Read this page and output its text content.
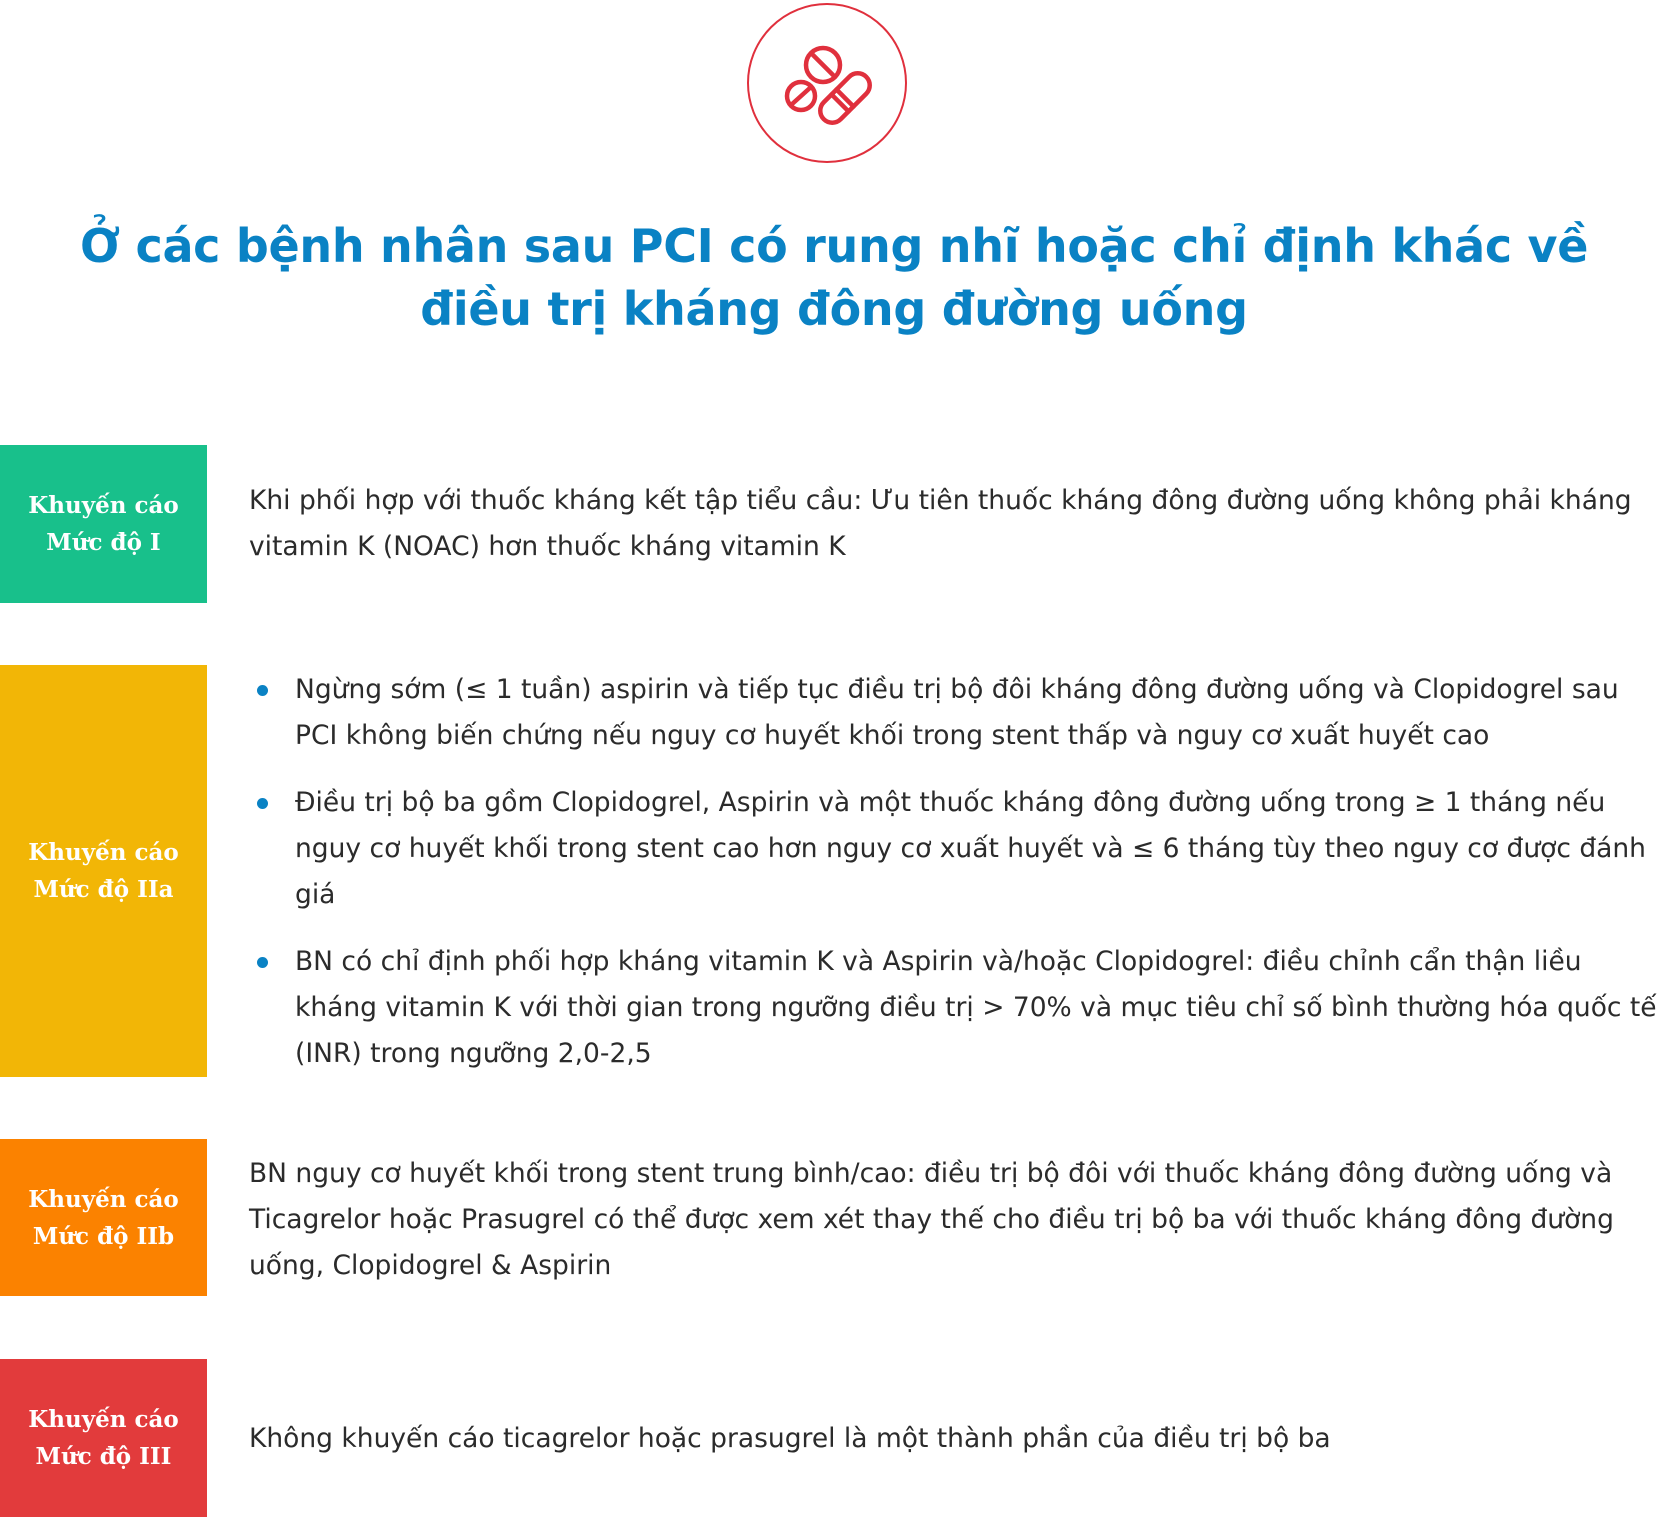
Ở các bệnh nhân sau PCI có rung nhĩ hoặc chỉ định khác về
điều trị kháng đông đường uống
Khuyến cáo
Mức độ I

Khi phối hợp với thuốc kháng kết tập tiểu cầu: Ưu tiên thuốc kháng đông đường uống không phải kháng vitamin K (NOAC) hơn thuốc kháng vitamin K

Khuyến cáo
Mức độ IIa
Ngừng sớm (≤ 1 tuần) aspirin và tiếp tục điều trị bộ đôi kháng đông đường uống và Clopidogrel sau PCI không biến chứng nếu nguy cơ huyết khối trong stent thấp và nguy cơ xuất huyết cao
Điều trị bộ ba gồm Clopidogrel, Aspirin và một thuốc kháng đông đường uống trong ≥ 1 tháng nếu nguy cơ huyết khối trong stent cao hơn nguy cơ xuất huyết và ≤ 6 tháng tùy theo nguy cơ được đánh giá
BN có chỉ định phối hợp kháng vitamin K và Aspirin và/hoặc Clopidogrel: điều chỉnh cẩn thận liều kháng vitamin K với thời gian trong ngưỡng điều trị > 70% và mục tiêu chỉ số bình thường hóa quốc tế (INR) trong ngưỡng 2,0-2,5
Khuyến cáo
Mức độ IIb

BN nguy cơ huyết khối trong stent trung bình/cao: điều trị bộ đôi với thuốc kháng đông đường uống và Ticagrelor hoặc Prasugrel có thể được xem xét thay thế cho điều trị bộ ba với thuốc kháng đông đường uống, Clopidogrel & Aspirin

Khuyến cáo
Mức độ III

Không khuyến cáo ticagrelor hoặc prasugrel là một thành phần của điều trị bộ ba
